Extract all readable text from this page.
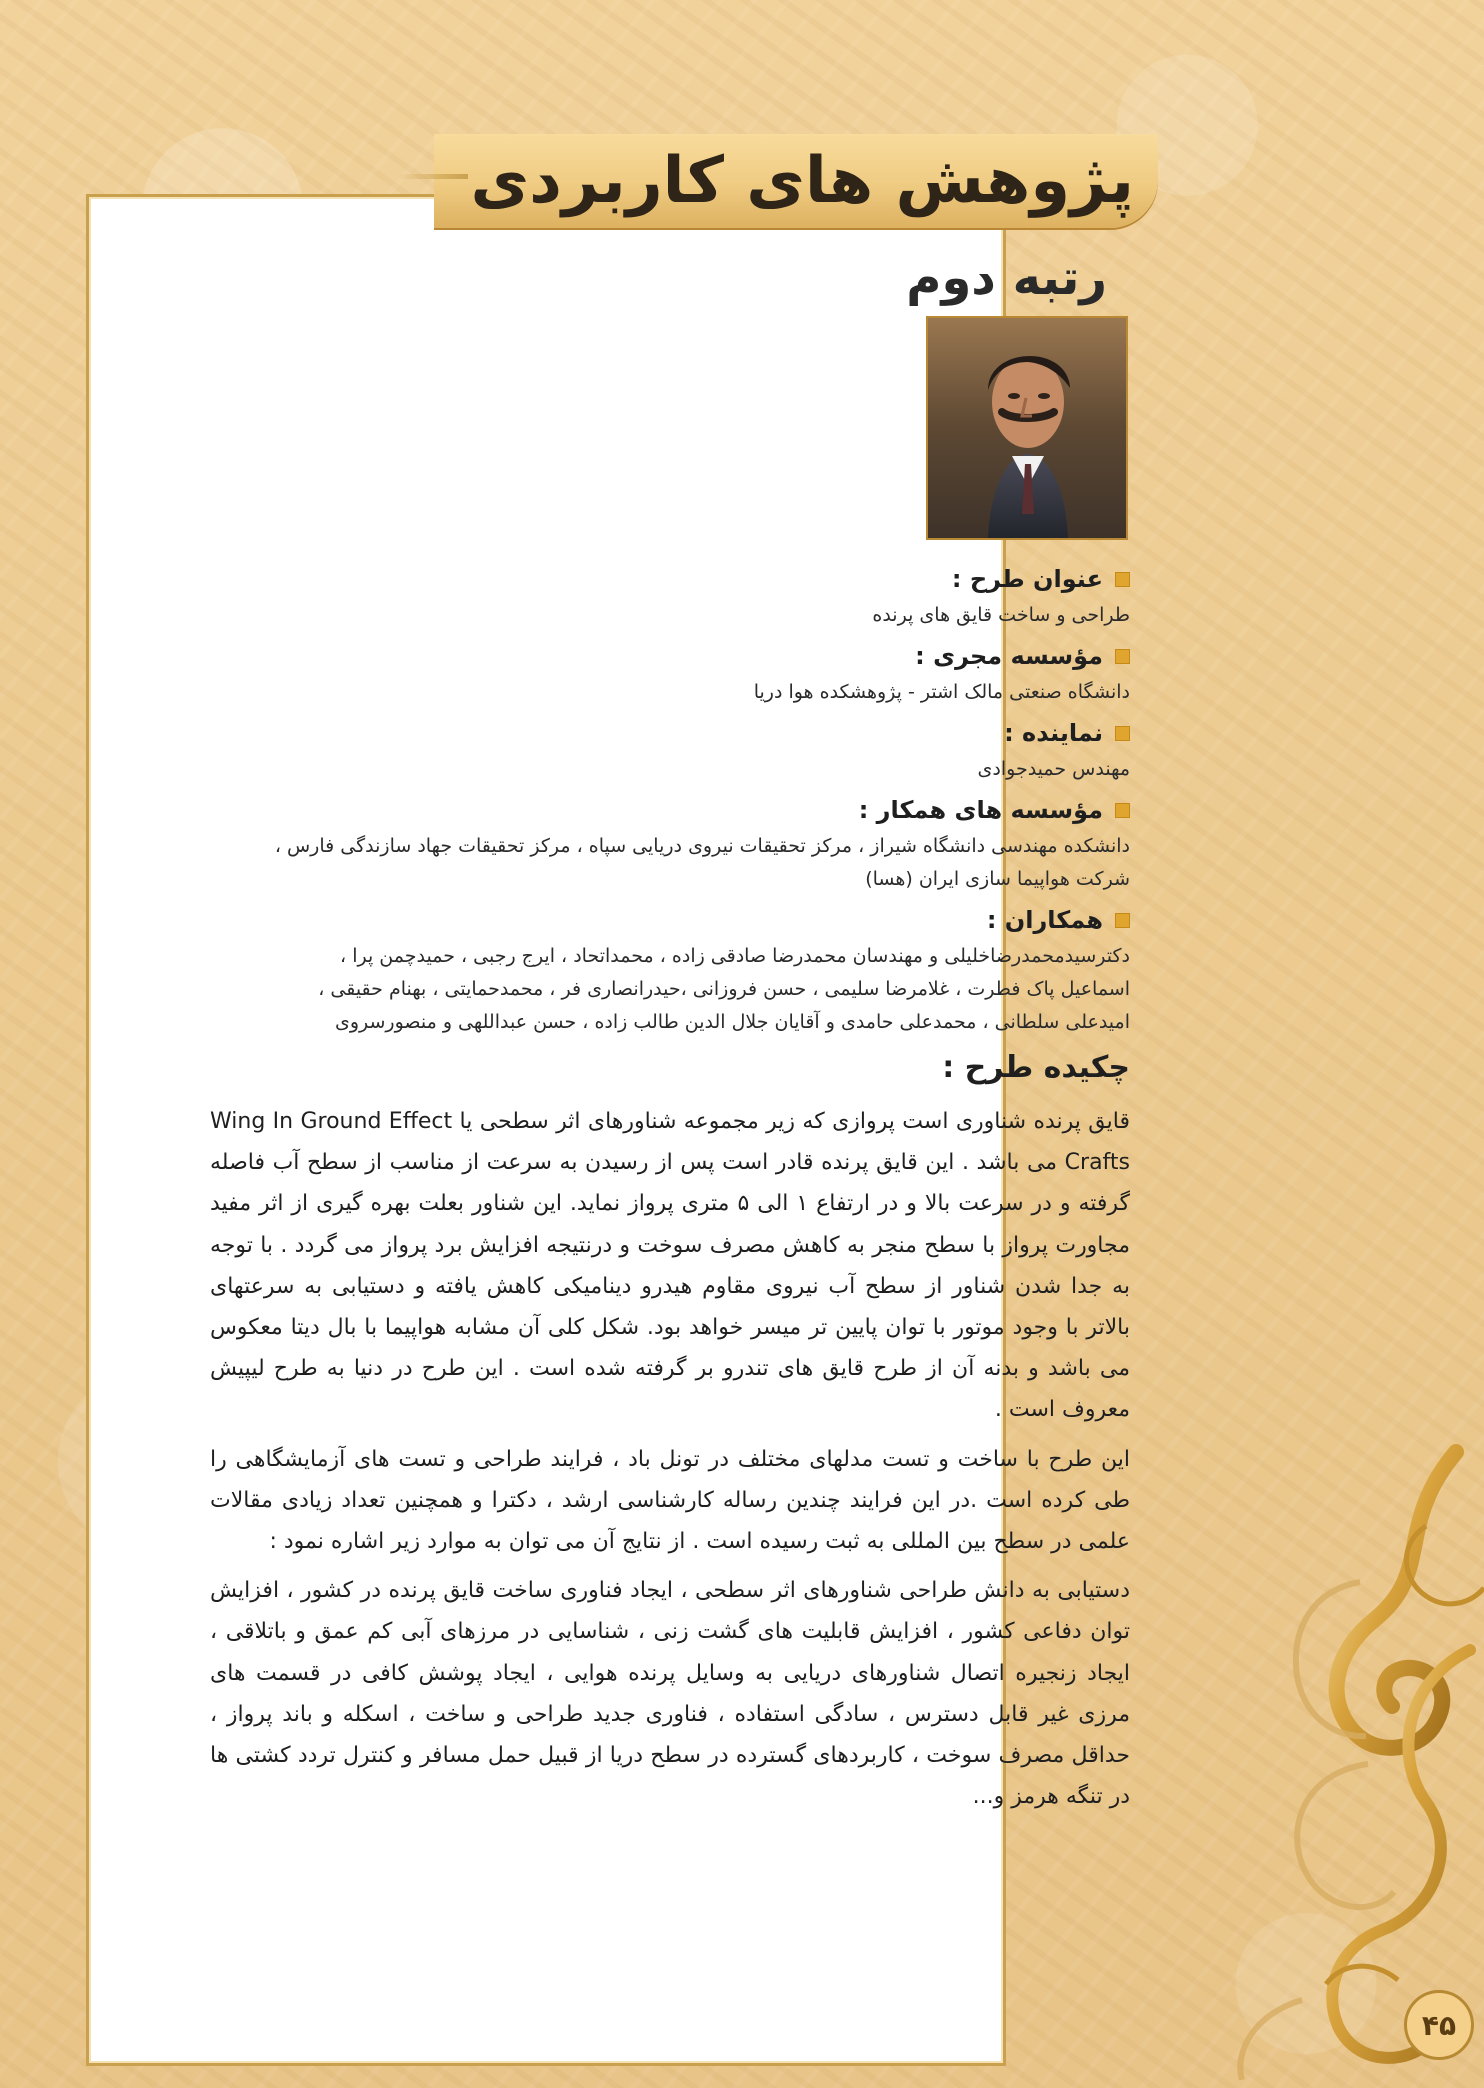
پژوهش های کاربردی
رتبه دوم
عنوان طرح :
طراحی و ساخت قایق های پرنده
مؤسسه مجری :
دانشگاه صنعتی مالک اشتر - پژوهشکده هوا دریا
نماینده :
مهندس حمیدجوادی
مؤسسه های همکار :
دانشکده مهندسی دانشگاه شیراز ، مرکز تحقیقات نیروی دریایی سپاه ، مرکز تحقیقات جهاد سازندگی فارس ،
شرکت هواپیما سازی ایران (هسا)
همکاران :
دکترسیدمحمدرضاخلیلی و مهندسان محمدرضا صادقی زاده ، محمداتحاد ، ایرج رجبی ، حمیدچمن پرا ،
اسماعیل پاک فطرت ، غلامرضا سلیمی ، حسن فروزانی ،حیدرانصاری فر ، محمدحمایتی ، بهنام حقیقی ،
امیدعلی سلطانی ، محمدعلی حامدی و آقایان جلال الدین طالب زاده ، حسن عبداللهی و منصورسروی
چکیده طرح :

قایق پرنده شناوری است پروازی که زیر مجموعه شناورهای اثر سطحی یا Wing In Ground Effect Crafts می باشد . این قایق پرنده قادر است پس از رسیدن به سرعت از مناسب از سطح آب فاصله گرفته و در سرعت بالا و در ارتفاع ۱ الی ۵ متری پرواز نماید. این شناور بعلت بهره گیری از اثر مفید مجاورت پرواز با سطح منجر به کاهش مصرف سوخت و درنتیجه افزایش برد پرواز می گردد . با توجه به جدا شدن شناور از سطح آب نیروی مقاوم هیدرو دینامیکی کاهش یافته و دستیابی به سرعتهای بالاتر با وجود موتور با توان پایین تر میسر خواهد بود. شکل کلی آن مشابه هواپیما با بال دیتا معکوس می باشد و بدنه آن از طرح قایق های تندرو بر گرفته شده است . این طرح در دنیا به طرح لیپیش معروف است .

این طرح با ساخت و تست مدلهای مختلف در تونل باد ، فرایند طراحی و تست های آزمایشگاهی را طی کرده است .در این فرایند چندین رساله کارشناسی ارشد ، دکترا و همچنین تعداد زیادی مقالات علمی در سطح بین المللی به ثبت رسیده است . از نتایج آن می توان به موارد زیر اشاره نمود :

دستیابی به دانش طراحی شناورهای اثر سطحی ، ایجاد فناوری ساخت قایق پرنده در کشور ، افزایش توان دفاعی کشور ، افزایش قابلیت های گشت زنی ، شناسایی در مرزهای آبی کم عمق و باتلاقی ، ایجاد زنجیره اتصال شناورهای دریایی به وسایل پرنده هوایی ، ایجاد پوشش کافی در قسمت های مرزی غیر قابل دسترس ، سادگی استفاده ، فناوری جدید طراحی و ساخت ، اسکله و باند پرواز ، حداقل مصرف سوخت ، کاربردهای گسترده در سطح دریا از قبیل حمل مسافر و کنترل تردد کشتی ها در تنگه هرمز و...

۴۵
